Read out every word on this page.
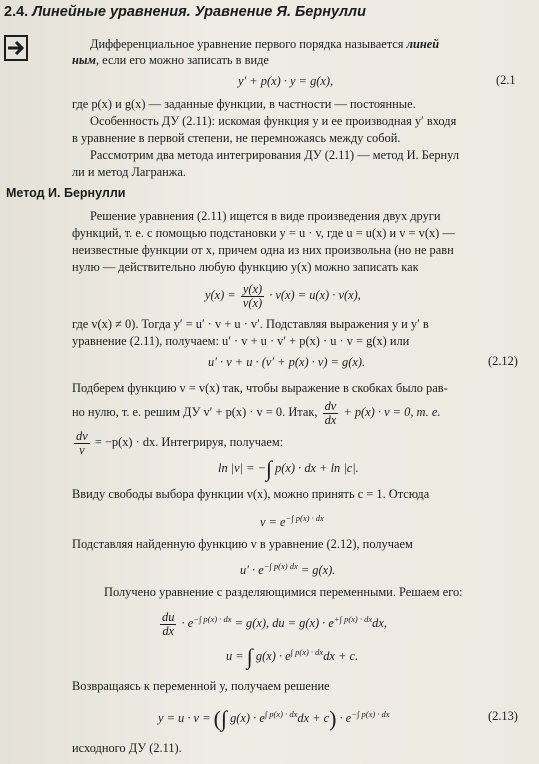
2.4. Линейные уравнения. Уравнение Я. Бернулли
Дифференциальное уравнение первого порядка называется линей
ным, если его можно записать в виде
y′ + p(x) · y = g(x),	(2.1
где p(x) и g(x) — заданные функции, в частности — постоянные.
Особенность ДУ (2.11): искомая функция y и ее производная y′ входя
в уравнение в первой степени, не перемножаясь между собой.
Рассмотрим два метода интегрирования ДУ (2.11) — метод И. Бернул
ли и метод Лагранжа.
Метод И. Бернулли
Решение уравнения (2.11) ищется в виде произведения двух други
функций, т. е. с помощью подстановки y = u · v, где u = u(x) и v = v(x) —
неизвестные функции от x, причем одна из них произвольна (но не равн
нулю — действительно любую функцию y(x) можно записать как
$y(x) = \frac{y(x)}{v(x)} \cdot v(x) = u(x) \cdot v(x)$,
где v(x) ≠ 0). Тогда y′ = u′ · v + u · v′. Подставляя выражения y и y′ в
уравнение (2.11), получаем: u′ · v + u · v′ + p(x) · u · v = g(x) или
u′ · v + u · (v′ + p(x) · v) = g(x).	(2.12)
Подберем функцию v = v(x) так, чтобы выражение в скобках было рав-
но нулю, т. е. решим ДУ v′ + p(x) · v = 0. Итак, $\frac{dv}{dx} + p(x) \cdot v = 0$, т. е.
$\frac{dv}{v} = -p(x)$ · dx. Интегрируя, получаем:
ln |v| = −∫ p(x) · dx + ln |c|.
Ввиду свободы выбора функции v(x), можно принять c = 1. Отсюда
$v = e^{-\int p(x) \cdot dx}$
Подставляя найденную функцию v в уравнение (2.12), получаем
$u' \cdot e^{-\int p(x) dx} = g(x)$.
Получено уравнение с разделяющимися переменными. Решаем его:
$\frac{du}{dx} \cdot e^{-\int p(x) \cdot dx} = g(x)$, du = $g(x) \cdot e^{+\int p(x) \cdot dx}dx$,
u = ∫ $g(x) \cdot e^{\int p(x) \cdot dx}dx + c$.
Возвращаясь к переменной y, получаем решение
y = u · v = (∫ $g(x) \cdot e^{\int p(x) \cdot dx}dx + c) \cdot e^{-\int p(x) \cdot dx}$	(2.13)
исходного ДУ (2.11).
